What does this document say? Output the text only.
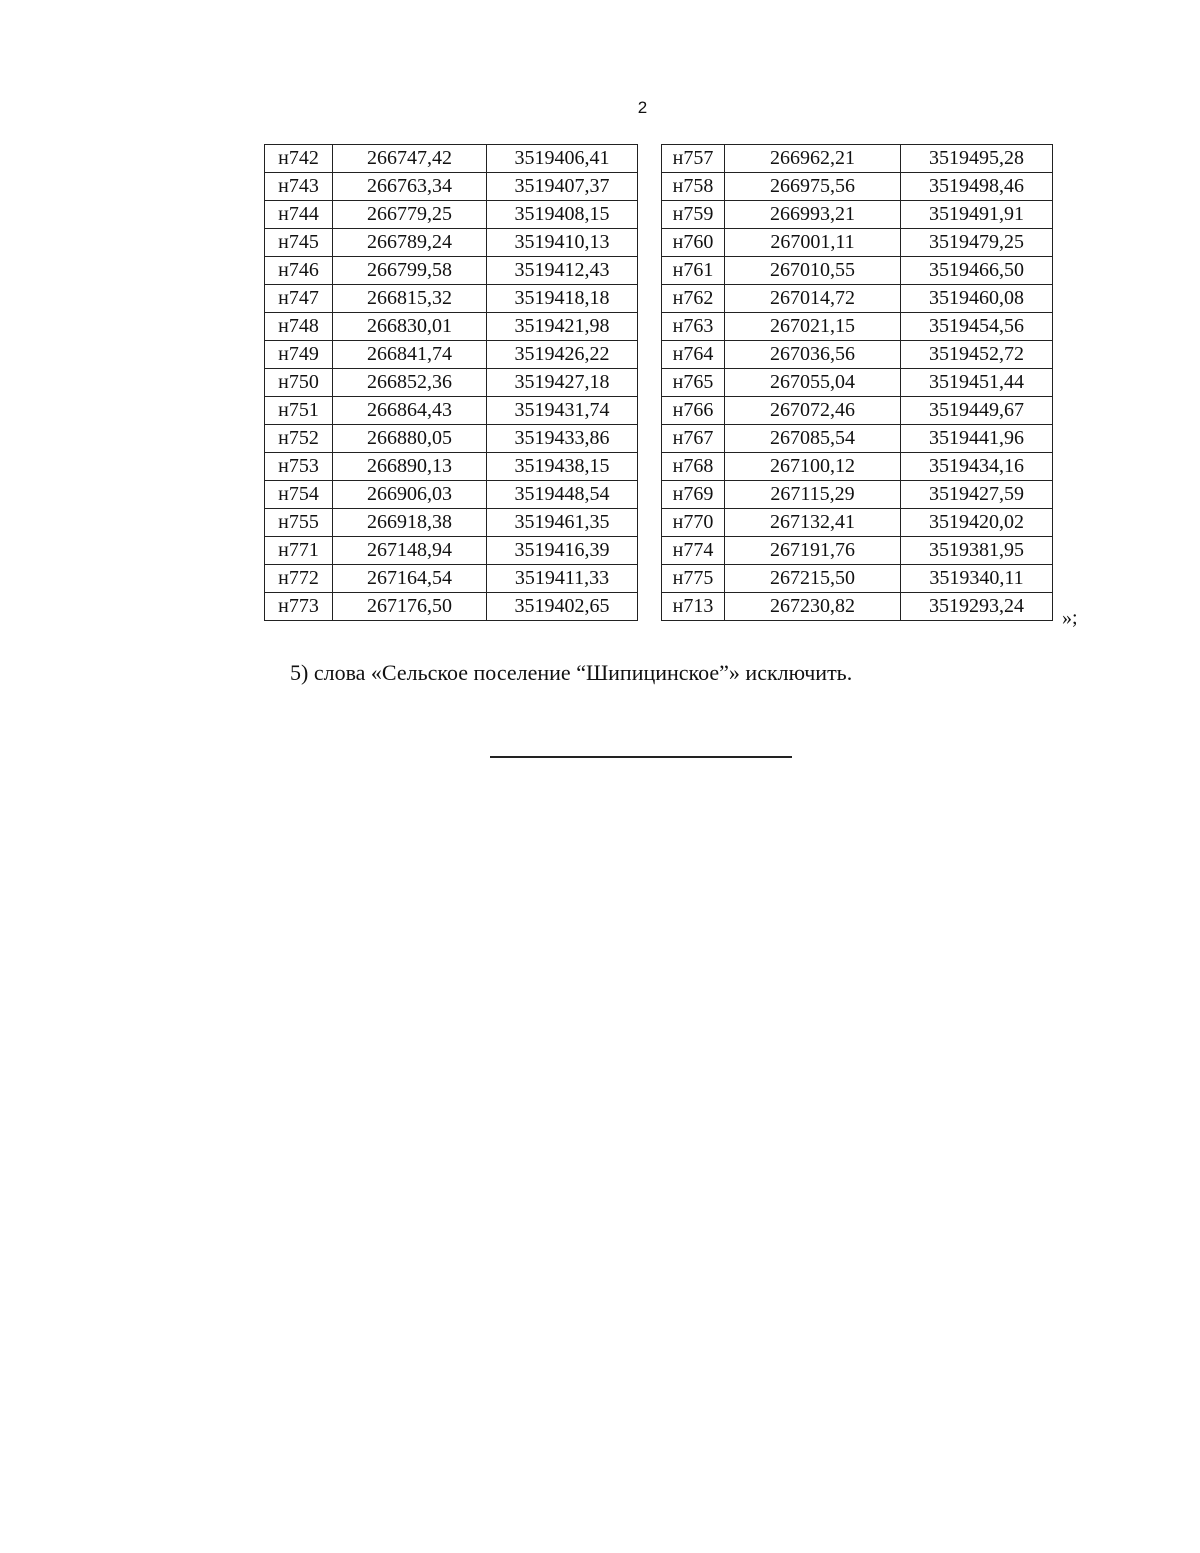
2
н742	266747,42	3519406,41		н757	266962,21	3519495,28
н743	266763,34	3519407,37		н758	266975,56	3519498,46
н744	266779,25	3519408,15		н759	266993,21	3519491,91
н745	266789,24	3519410,13		н760	267001,11	3519479,25
н746	266799,58	3519412,43		н761	267010,55	3519466,50
н747	266815,32	3519418,18		н762	267014,72	3519460,08
н748	266830,01	3519421,98		н763	267021,15	3519454,56
н749	266841,74	3519426,22		н764	267036,56	3519452,72
н750	266852,36	3519427,18		н765	267055,04	3519451,44
н751	266864,43	3519431,74		н766	267072,46	3519449,67
н752	266880,05	3519433,86		н767	267085,54	3519441,96
н753	266890,13	3519438,15		н768	267100,12	3519434,16
н754	266906,03	3519448,54		н769	267115,29	3519427,59
н755	266918,38	3519461,35		н770	267132,41	3519420,02
н771	267148,94	3519416,39		н774	267191,76	3519381,95
н772	267164,54	3519411,33		н775	267215,50	3519340,11
н773	267176,50	3519402,65		н713	267230,82	3519293,24
»;
5) слова «Сельское поселение “Шипицинское”» исключить.
